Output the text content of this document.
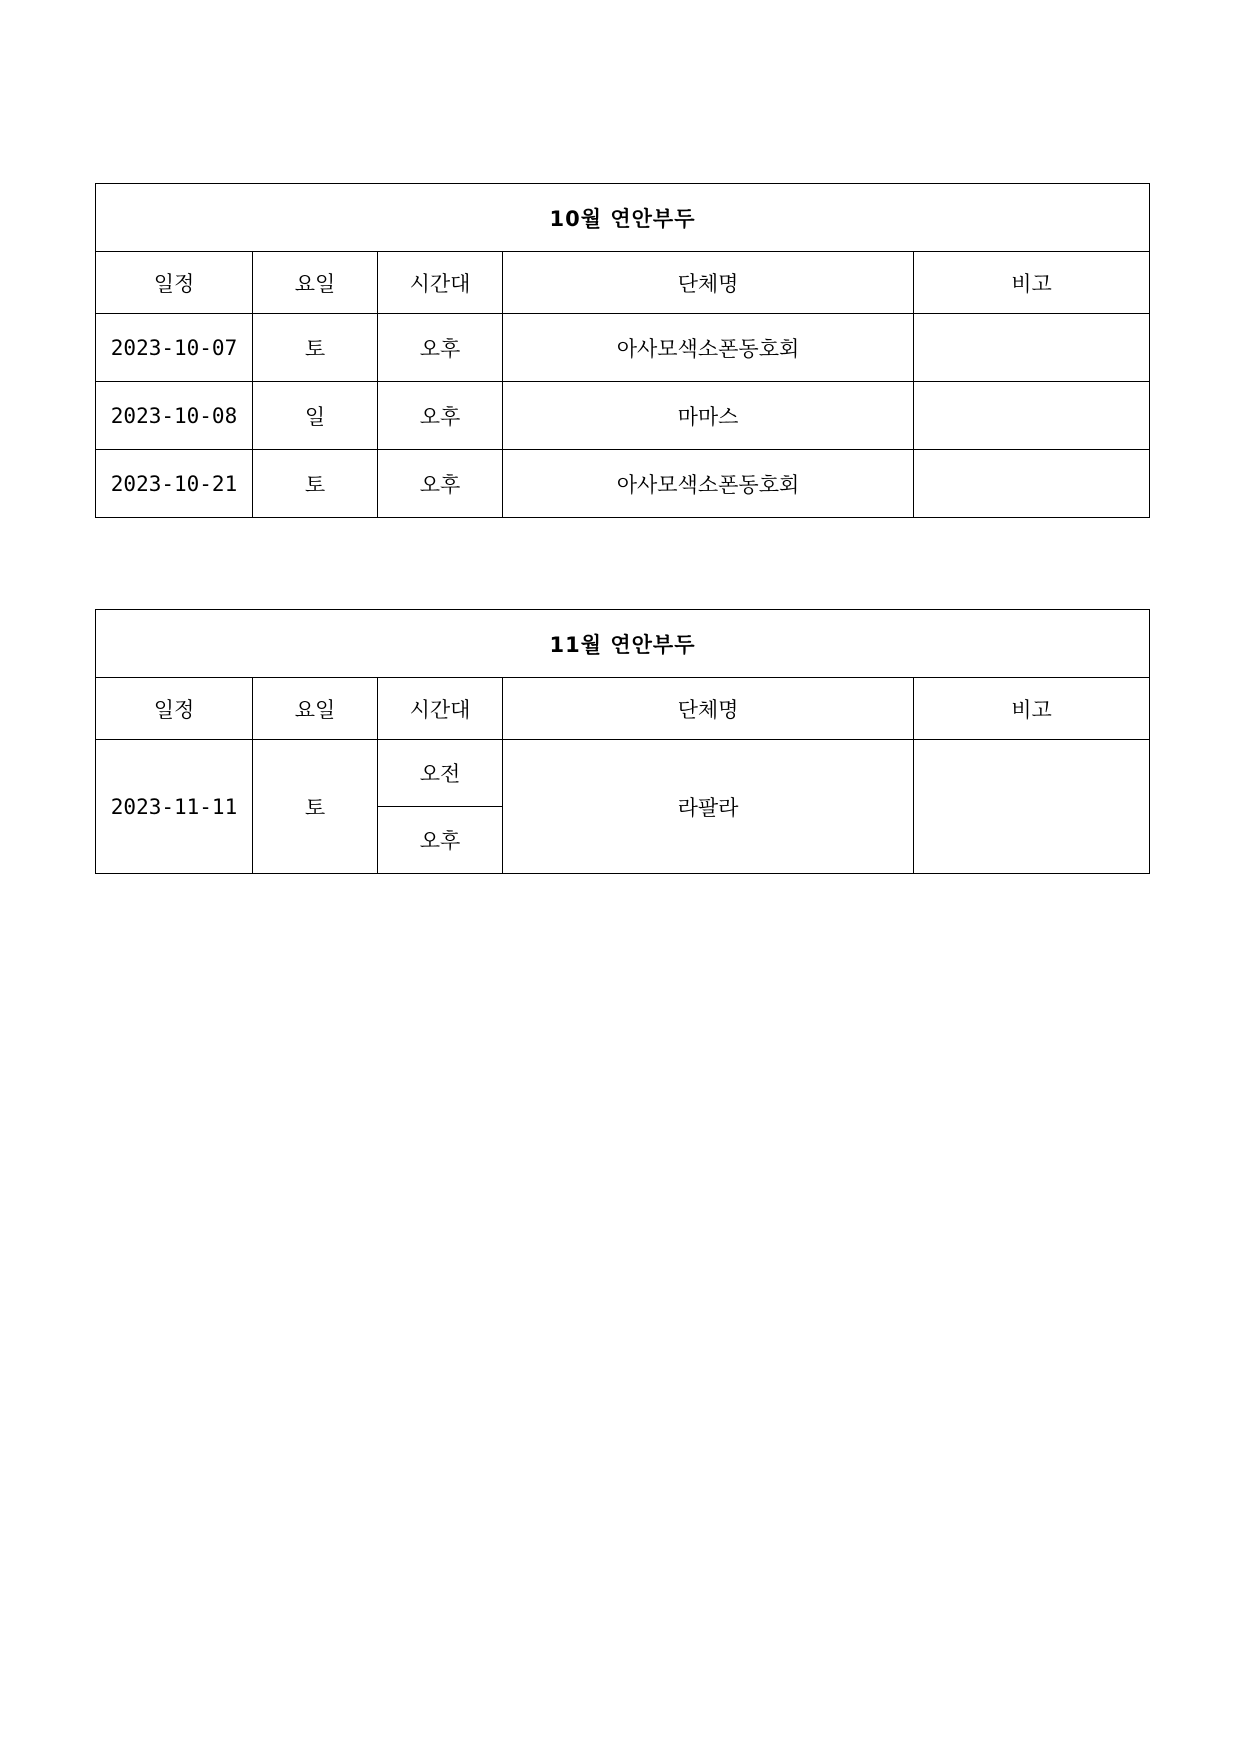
10월 연안부두				
일정	요일	시간대	단체명	비고
2023-10-07	토	오후	아사모색소폰동호회	
2023-10-08	일	오후	마마스	
2023-10-21	토	오후	아사모색소폰동호회	
11월 연안부두				
일정	요일	시간대	단체명	비고
2023-11-11	토	오전	라팔라	
		오후		
